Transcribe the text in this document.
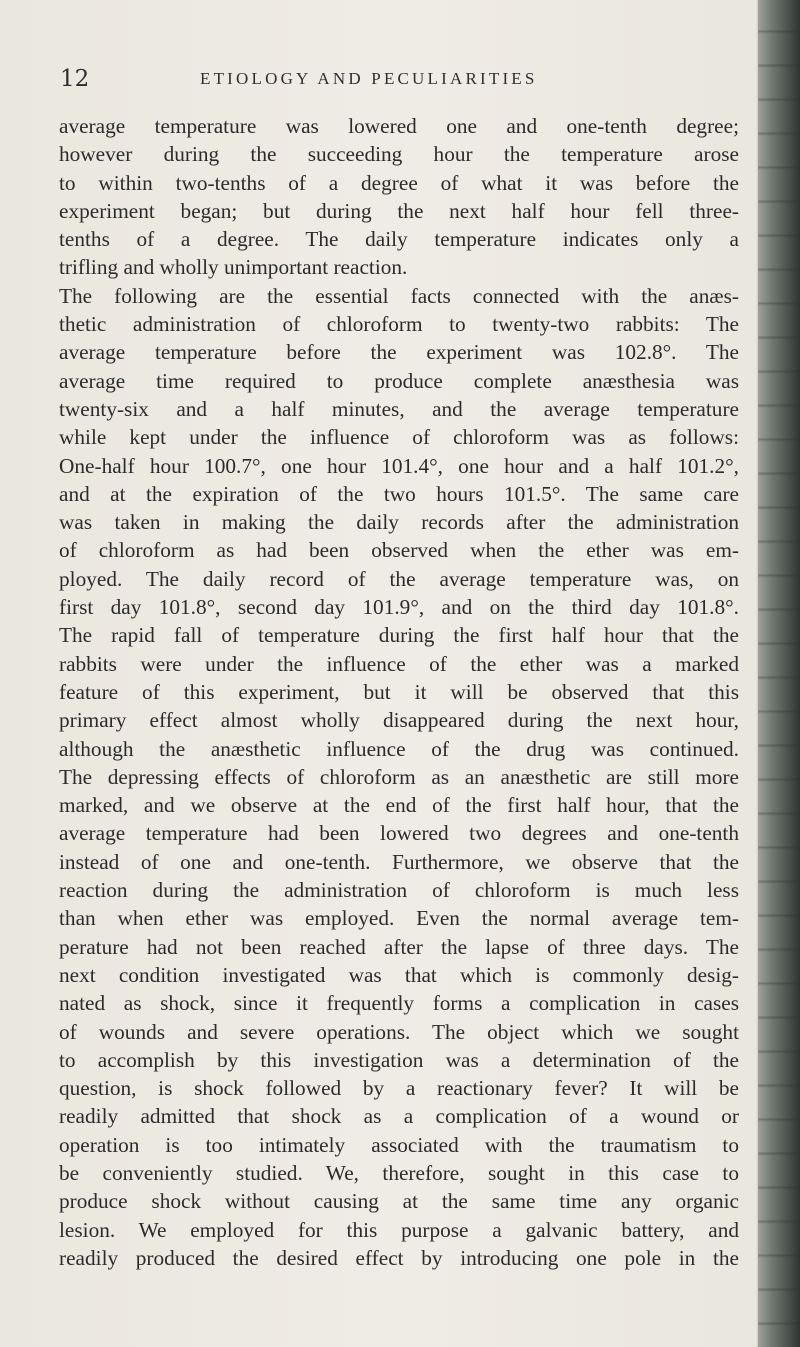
12	ETIOLOGY AND PECULIARITIES
average temperature was lowered one and one-tenth degree;
however during the succeeding hour the temperature arose
to within two-tenths of a degree of what it was before the
experiment began; but during the next half hour fell three-
tenths of a degree. The daily temperature indicates only a
trifling and wholly unimportant reaction.
The following are the essential facts connected with the anæs-
thetic administration of chloroform to twenty-two rabbits: The
average temperature before the experiment was 102.8°. The
average time required to produce complete anæsthesia was
twenty-six and a half minutes, and the average temperature
while kept under the influence of chloroform was as follows:
One-half hour 100.7°, one hour 101.4°, one hour and a half 101.2°,
and at the expiration of the two hours 101.5°. The same care
was taken in making the daily records after the administration
of chloroform as had been observed when the ether was em-
ployed. The daily record of the average temperature was, on
first day 101.8°, second day 101.9°, and on the third day 101.8°.
The rapid fall of temperature during the first half hour that the
rabbits were under the influence of the ether was a marked
feature of this experiment, but it will be observed that this
primary effect almost wholly disappeared during the next hour,
although the anæsthetic influence of the drug was continued.
The depressing effects of chloroform as an anæsthetic are still more
marked, and we observe at the end of the first half hour, that the
average temperature had been lowered two degrees and one-tenth
instead of one and one-tenth. Furthermore, we observe that the
reaction during the administration of chloroform is much less
than when ether was employed. Even the normal average tem-
perature had not been reached after the lapse of three days. The
next condition investigated was that which is commonly desig-
nated as shock, since it frequently forms a complication in cases
of wounds and severe operations. The object which we sought
to accomplish by this investigation was a determination of the
question, is shock followed by a reactionary fever? It will be
readily admitted that shock as a complication of a wound or
operation is too intimately associated with the traumatism to
be conveniently studied. We, therefore, sought in this case to
produce shock without causing at the same time any organic
lesion. We employed for this purpose a galvanic battery, and
readily produced the desired effect by introducing one pole in the
